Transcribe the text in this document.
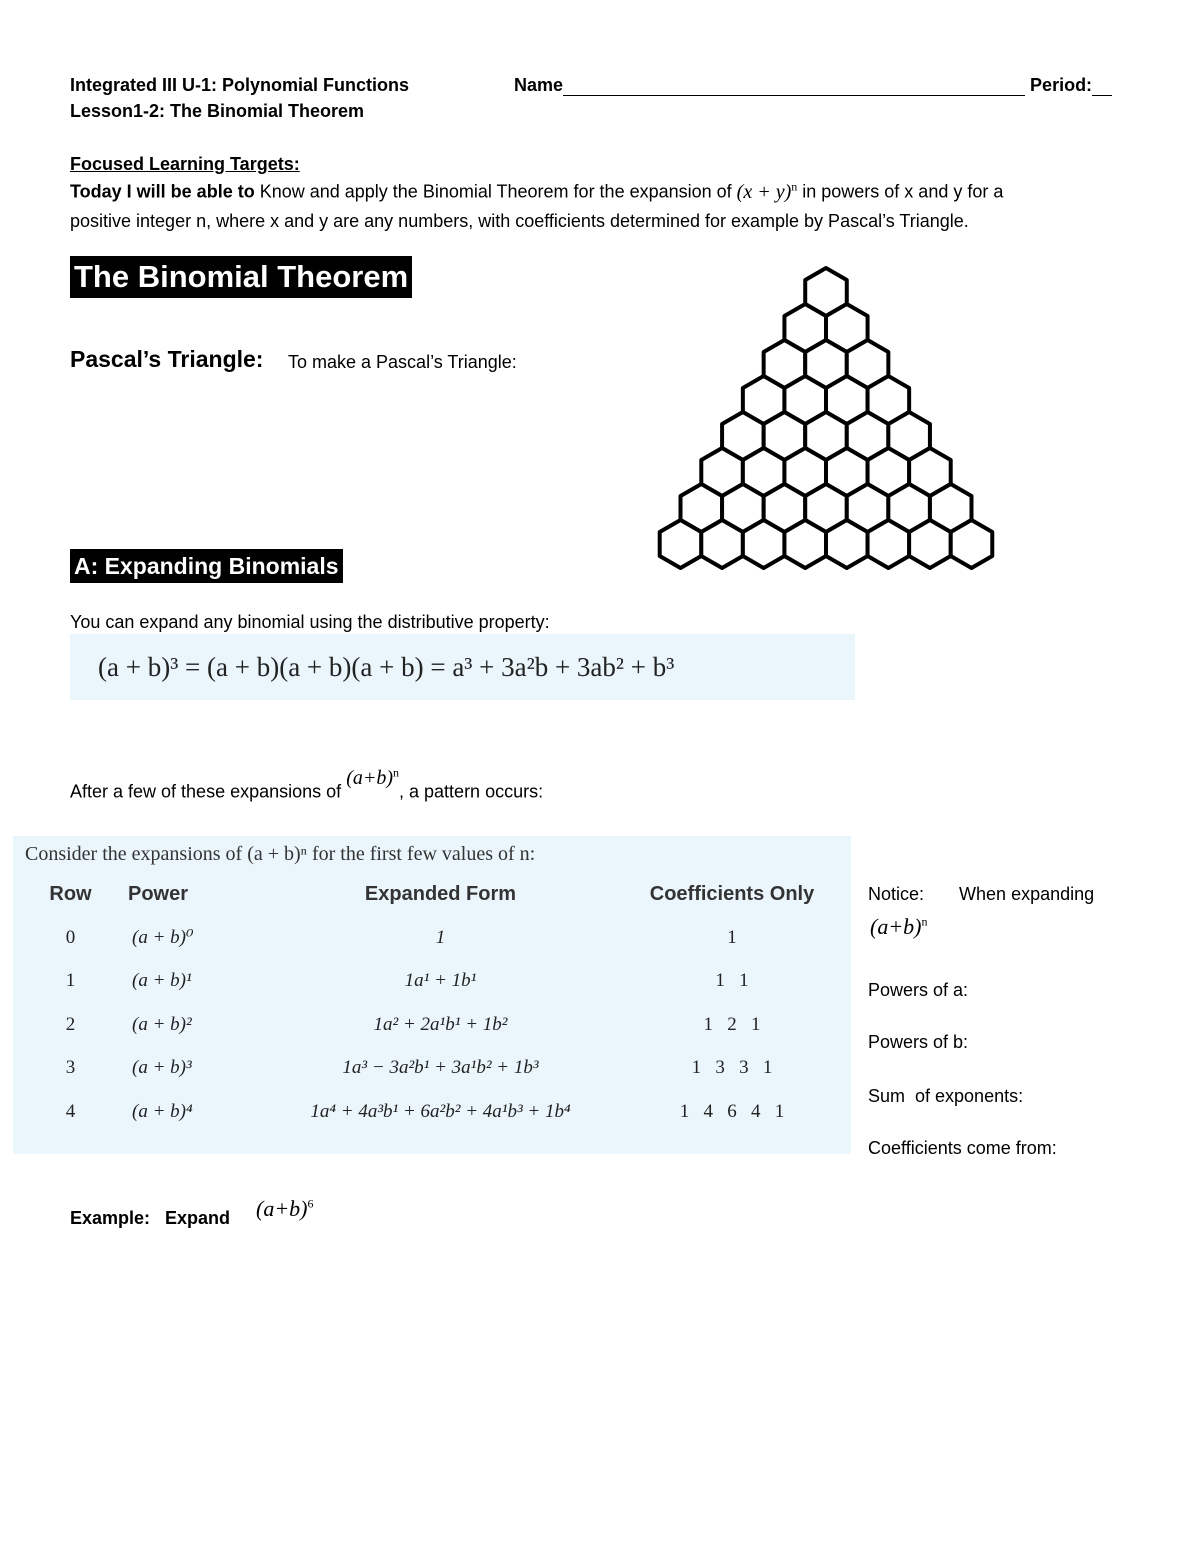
Integrated III U-1: Polynomial Functions
Lesson1-2: The Binomial Theorem
Name	Period:
Focused Learning Targets:
Today I will be able to Know and apply the Binomial Theorem for the expansion of $(x + y)^n$ in powers of x and y for a
positive integer n, where x and y are any numbers, with coefficients determined for example by Pascal’s Triangle.
The Binomial Theorem
Pascal’s Triangle: To make a Pascal’s Triangle:
A: Expanding Binomials
You can expand any binomial using the distributive property:
(a + b)³ = (a + b)(a + b)(a + b) = a³ + 3a²b + 3ab² + b³
After a few of these expansions of $(a+b)^n$, a pattern occurs:
Consider the expansions of (a + b)ⁿ for the first few values of n:
Row	Power	Expanded Form	Coefficients Only
0	(a + b)⁰	1	1
1	(a + b)¹	1a¹ + 1b¹	1   1
2	(a + b)²	1a² + 2a¹b¹ + 1b²	1   2   1
3	(a + b)³	1a³ − 3a²b¹ + 3a¹b² + 1b³	1   3   3   1
4	(a + b)⁴	1a⁴ + 4a³b¹ + 6a²b² + 4a¹b³ + 1b⁴	1   4   6   4   1
Notice: When expanding
$(a+b)^n$
Powers of a:
Powers of b:
Sum  of exponents:
Coefficients come from:
Example:   Expand $(a+b)^6$
